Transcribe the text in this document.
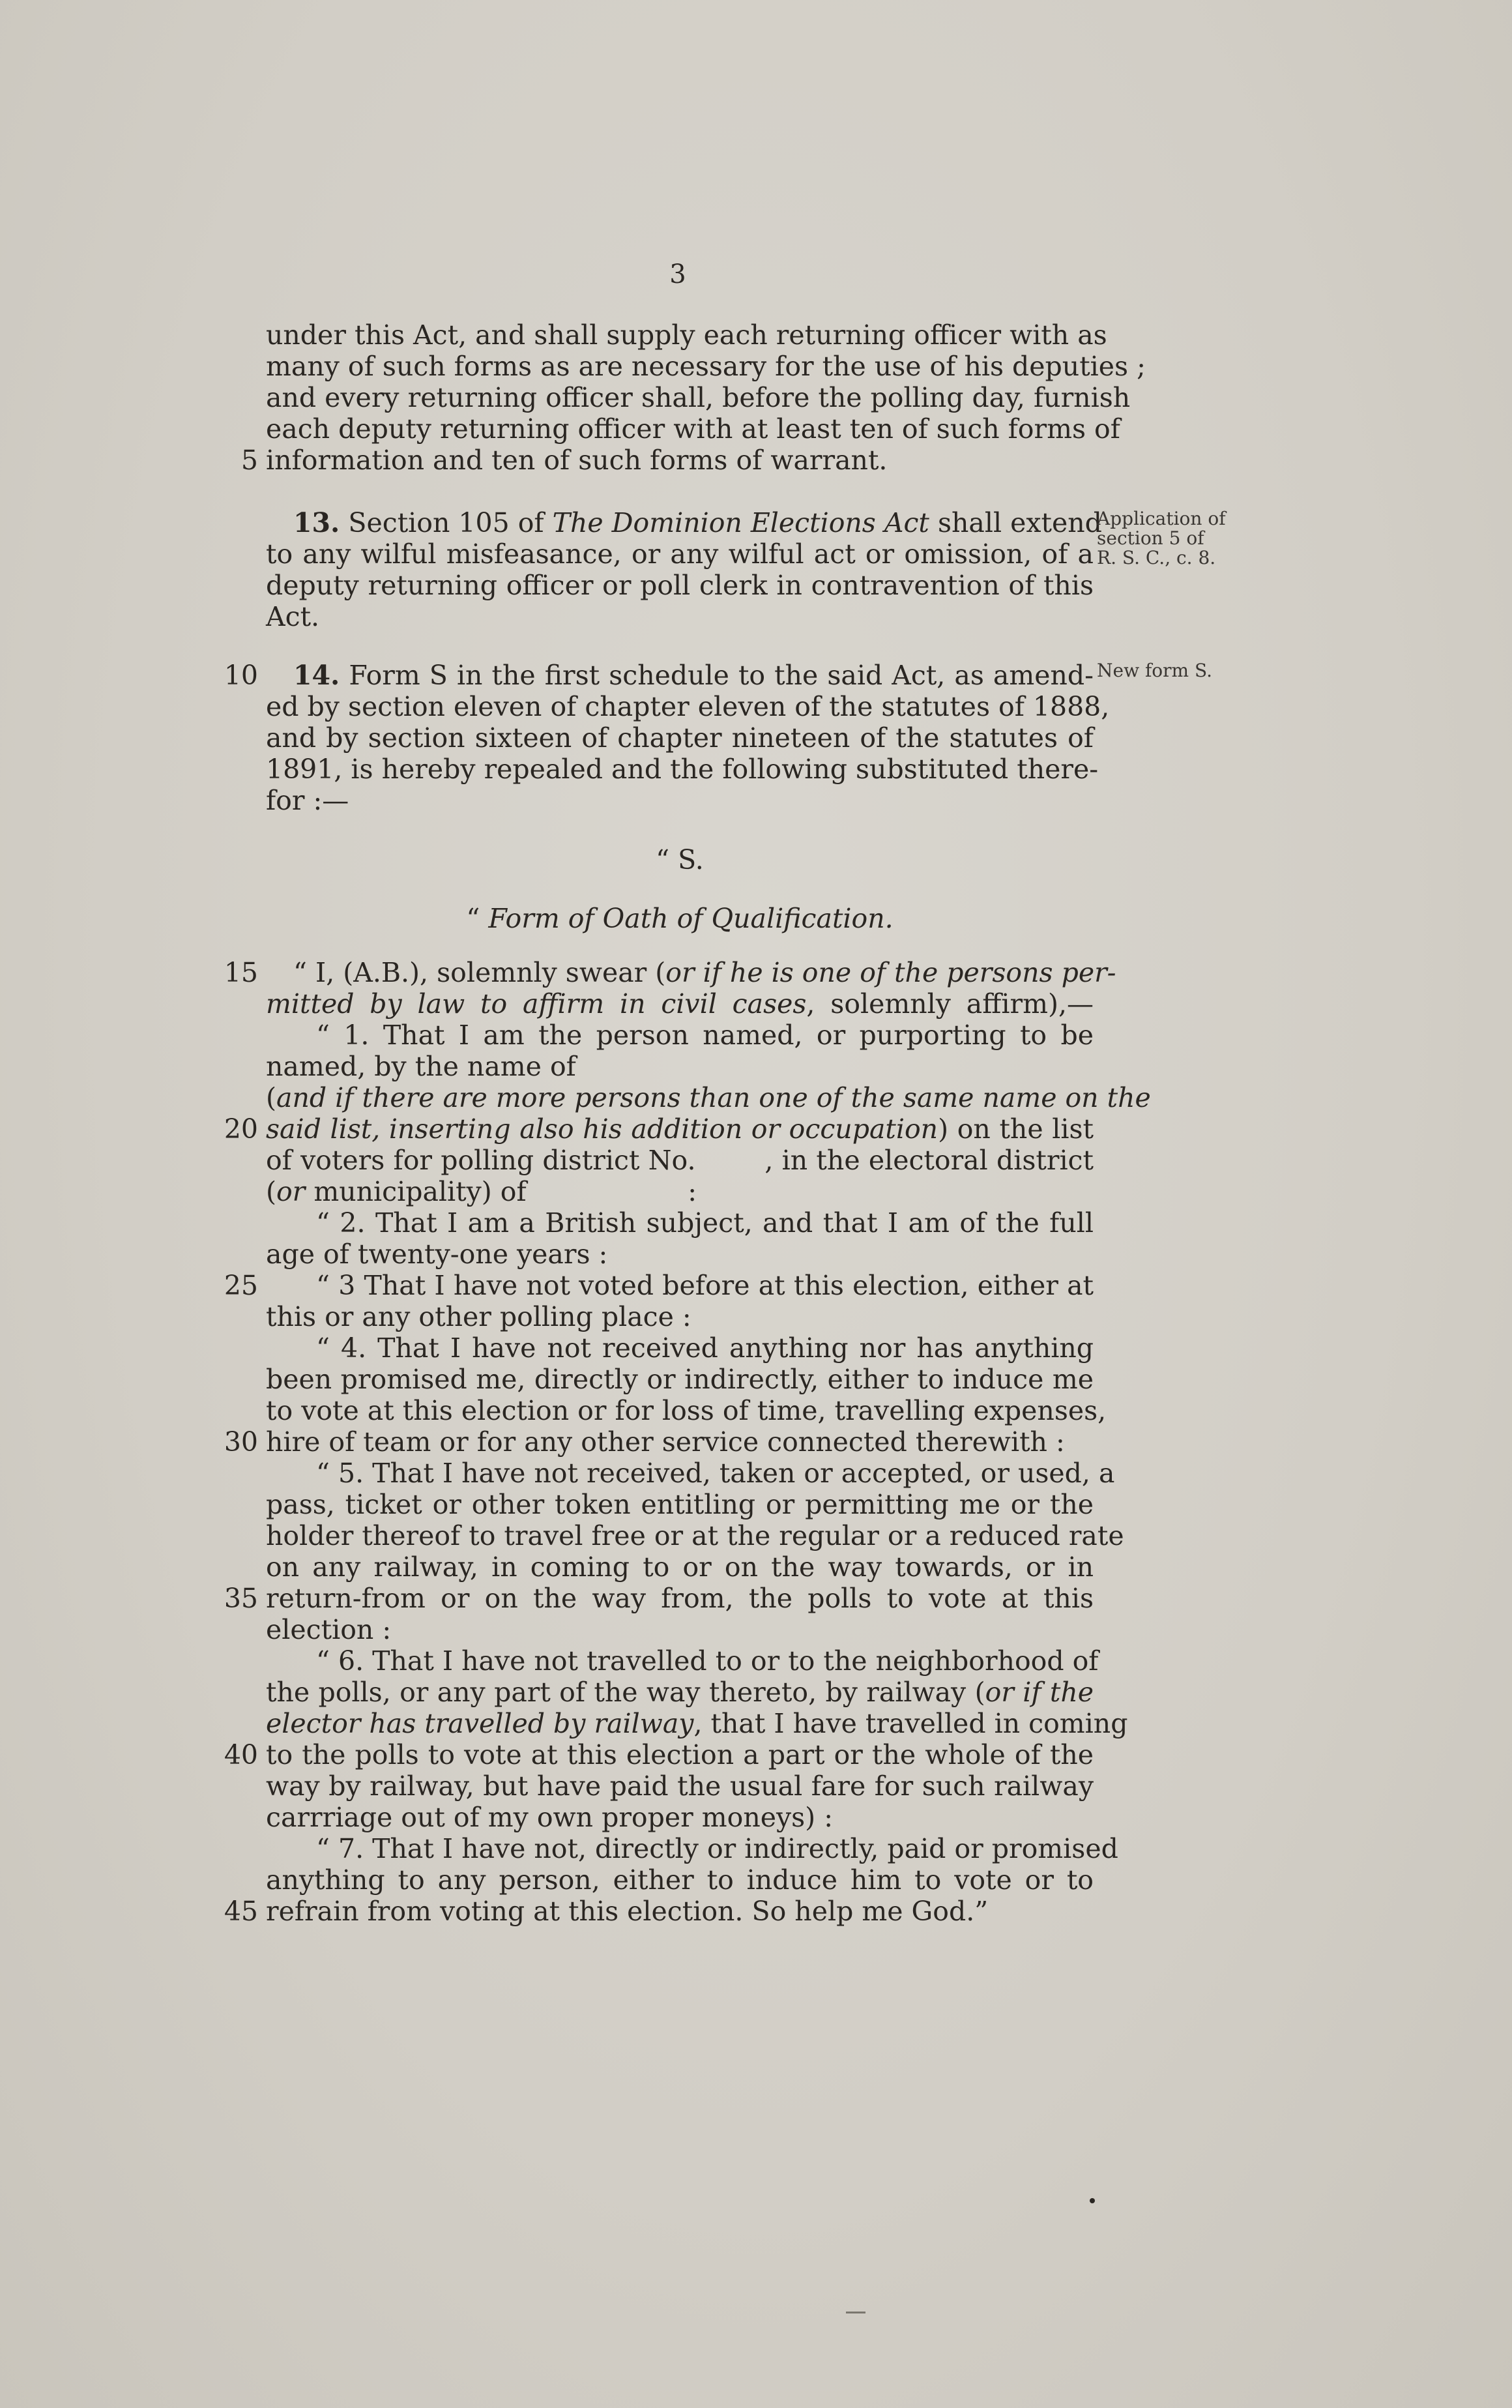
3
under this Act, and shall supply each returning officer with as
many of such forms as are necessary for the use of his deputies ;
and every returning officer shall, before the polling day, furnish
each deputy returning officer with at least ten of such forms of
5 information and ten of such forms of warrant.
13. Section 105 of The Dominion Elections Act shall extend
to any wilful misfeasance, or any wilful act or omission, of a
deputy returning officer or poll clerk in contravention of this
Act.
Application of
section 5 of
R. S. C., c. 8.
10 14. Form S in the first schedule to the said Act, as amend-
ed by section eleven of chapter eleven of the statutes of 1888,
and by section sixteen of chapter nineteen of the statutes of
1891, is hereby repealed and the following substituted there-
for :—
New form S.
“ S.
“ Form of Oath of Qualification.
15 “ I, (A.B.), solemnly swear (or if he is one of the persons per-
mitted by law to affirm in civil cases, solemnly affirm),—
“ 1. That I am the person named, or purporting to be
named, by the name of
(and if there are more persons than one of the same name on the
20 said list, inserting also his addition or occupation) on the list
of voters for polling district No.        , in the electoral district
(or municipality) of                   :
“ 2. That I am a British subject, and that I am of the full
age of twenty-one years :
25 “ 3 That I have not voted before at this election, either at
this or any other polling place :
“ 4. That I have not received anything nor has anything
been promised me, directly or indirectly, either to induce me
to vote at this election or for loss of time, travelling expenses,
30 hire of team or for any other service connected therewith :
“ 5. That I have not received, taken or accepted, or used, a
pass, ticket or other token entitling or permitting me or the
holder thereof to travel free or at the regular or a reduced rate
on any railway, in coming to or on the way towards, or in
35 return-from or on the way from, the polls to vote at this
election :
“ 6. That I have not travelled to or to the neighborhood of
the polls, or any part of the way thereto, by railway (or if the
elector has travelled by railway, that I have travelled in coming
40 to the polls to vote at this election a part or the whole of the
way by railway, but have paid the usual fare for such railway
carrriage out of my own proper moneys) :
“ 7. That I have not, directly or indirectly, paid or promised
anything to any person, either to induce him to vote or to
45 refrain from voting at this election. So help me God.”
